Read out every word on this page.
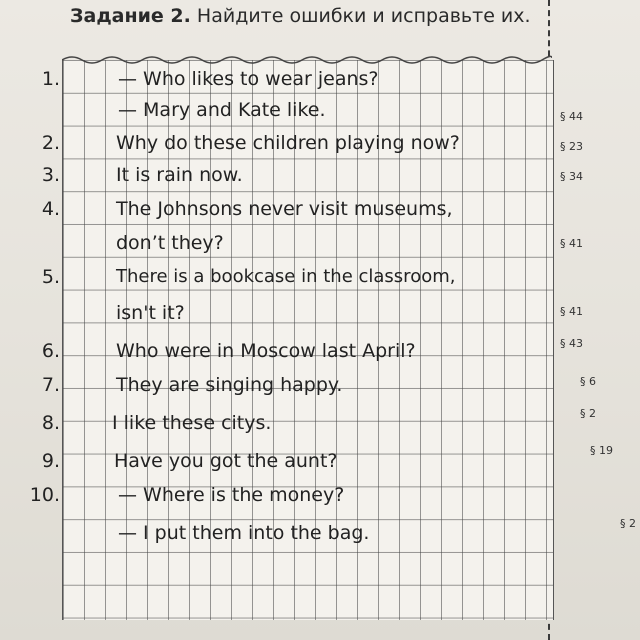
Задание 2. Найдите ошибки и исправьте их.
1.	— Who likes to wear jeans?
— Mary and Kate like.
2.	Why do these children playing now?
3.	It is rain now.
4.	The Johnsons never visit museums,
don’t they?
5.	There is a bookcase in the classroom,
isn't it?
6.	Who were in Moscow last April?
7.	They are singing happy.
8.	I like these citys.
9.	Have you got the aunt?
10.	— Where is the money?
— I put them into the bag.
§ 44
§ 23
§ 34
§ 41
§ 41
§ 43
§ 6
§ 2
§ 19
§ 2
